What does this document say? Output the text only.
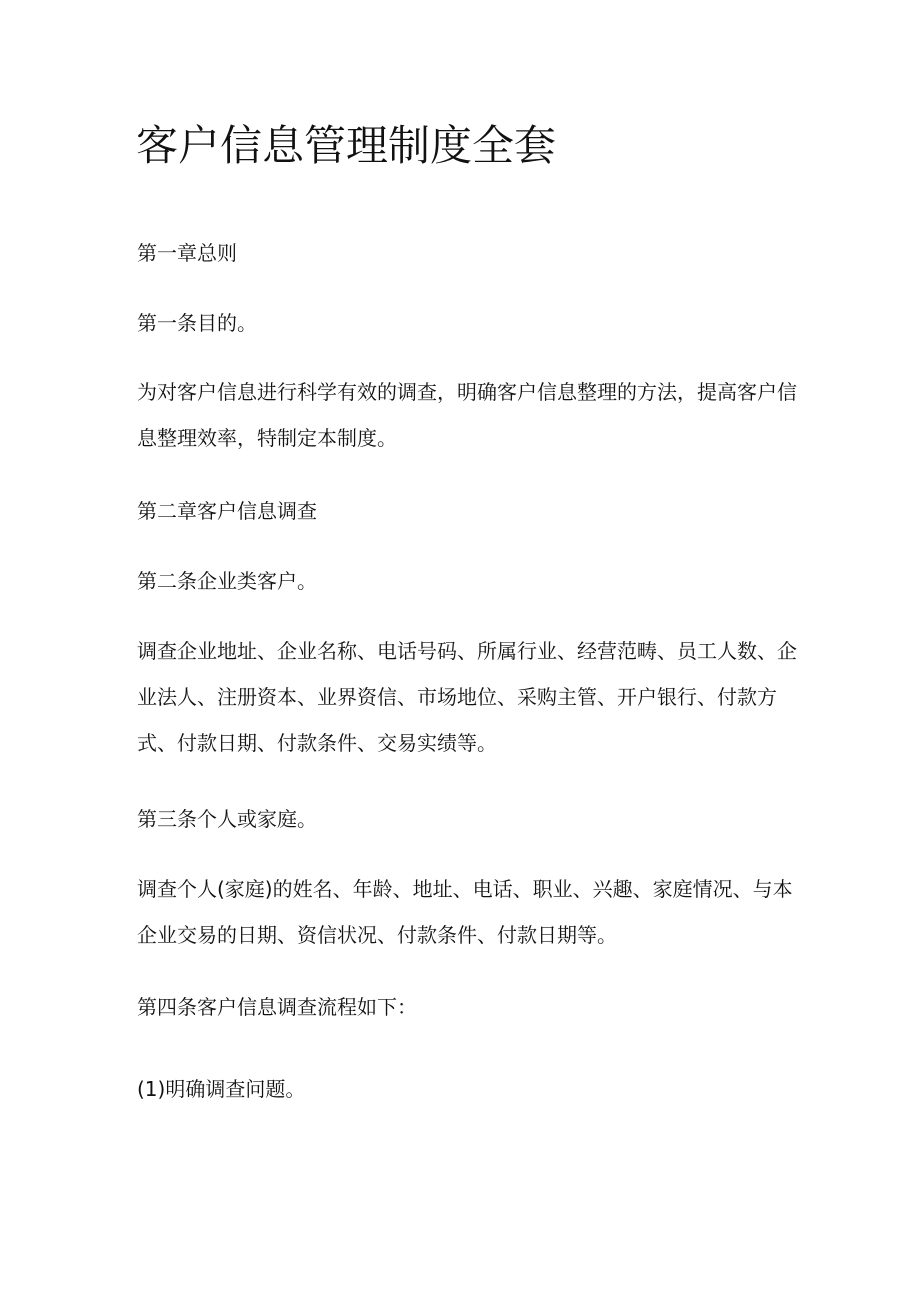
客户信息管理制度全套

第一章总则

第一条目的。

为对客户信息进行科学有效的调查，明确客户信息整理的方法，提高客户信息整理效率，特制定本制度。

第二章客户信息调查

第二条企业类客户。

调查企业地址、企业名称、电话号码、所属行业、经营范畴、员工人数、企业法人、注册资本、业界资信、市场地位、采购主管、开户银行、付款方式、付款日期、付款条件、交易实绩等。

第三条个人或家庭。

调查个人(家庭)的姓名、年龄、地址、电话、职业、兴趣、家庭情况、与本企业交易的日期、资信状况、付款条件、付款日期等。

第四条客户信息调查流程如下：

(1)明确调查问题。
